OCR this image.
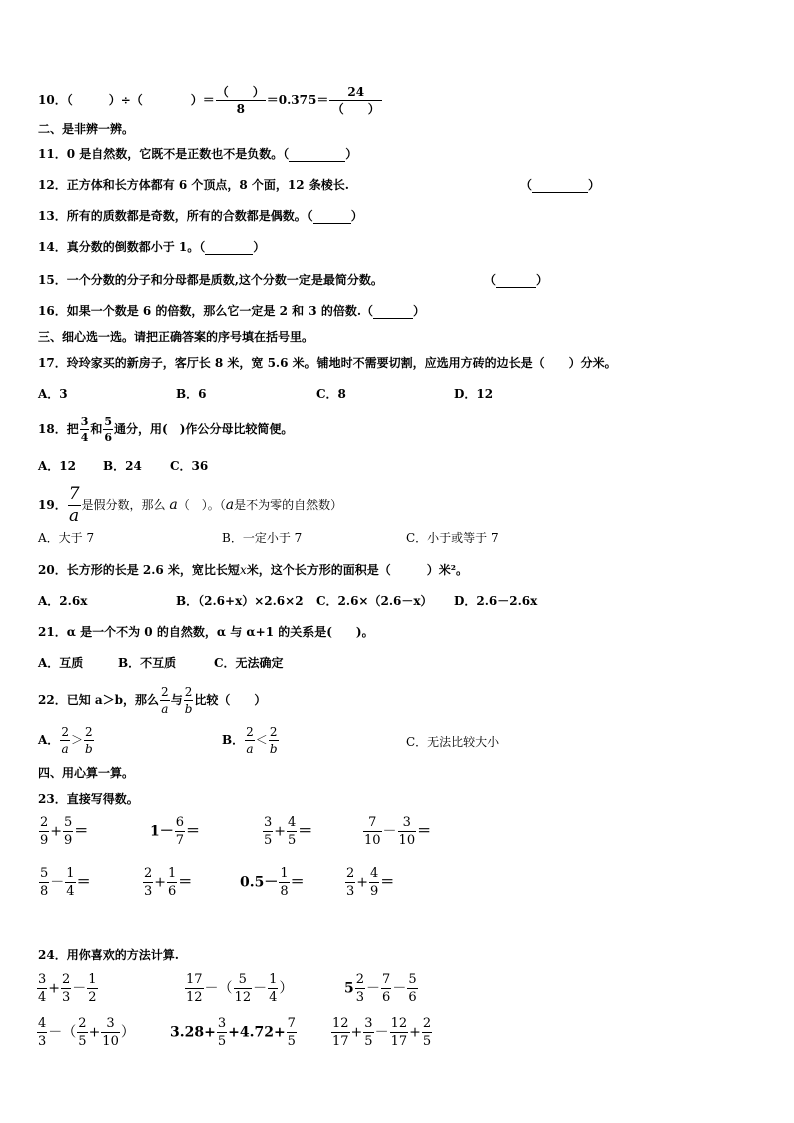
10．（　　　）÷（　　　　）＝ $\frac{( )}{8} =0.375= \frac{24}{( )}$
二、是非辨一辨。
11．0 是自然数，它既不是正数也不是负数。（	）
12．正方体和长方体都有 6 个顶点，8 个面，12 条棱长.	（	）
13．所有的质数都是奇数，所有的合数都是偶数。（	）
14．真分数的倒数都小于 1。（	）
15．一个分数的分子和分母都是质数,这个分数一定是最简分数。	（	）
16．如果一个数是 6 的倍数，那么它一定是 2 和 3 的倍数.（	）
三、细心选一选。请把正确答案的序号填在括号里。
17．玲玲家买的新房子，客厅长 8 米，宽 5.6 米。铺地时不需要切割，应选用方砖的边长是（　　）分米。
A．3	B．6	C．8	D．12
18．把 $\frac{3}{4}$ 和 $\frac{5}{6}$ 通分，用(　)作公分母比较简便。
A．12 B．24 C．36
19． $\frac{7}{a}$ 是假分数，那么 a（　）。（a是不为零的自然数）
A．大于 7	B．一定小于 7	C．小于或等于 7
20．长方形的长是 2.6 米，宽比长短x米，这个长方形的面积是（　　　）米²。
A．2.6x	B．（2.6+x）×2.6×2 C．2.6×（2.6－x） D．2.6－2.6x
21．α 是一个不为 0 的自然数，α 与 α+1 的关系是(　　)。
A．互质	B．不互质	C．无法确定
22．已知 a＞b，那么 $\frac{2}{a}$ 与 $\frac{2}{b}$ 比较（　　）
A． $\frac{2}{a} > \frac{2}{b}$	B． $\frac{2}{a} < \frac{2}{b}$	C．无法比较大小
四、用心算一算。
23．直接写得数。
$\frac{2}{9} + \frac{5}{9}$ ＝	$1- \frac{6}{7}$ ＝	$\frac{3}{5} + \frac{4}{5}$ ＝	$\frac{7}{10} - \frac{3}{10}$ ＝
$\frac{5}{8} - \frac{1}{4}$ ＝	$\frac{2}{3} + \frac{1}{6}$ ＝	$0.5- \frac{1}{8}$ ＝	$\frac{2}{3} + \frac{4}{9}$ ＝
24．用你喜欢的方法计算.
$\frac{3}{4} + \frac{2}{3} - \frac{1}{2}$	$\frac{17}{12}$ －（ $\frac{5}{12} - \frac{1}{4}$ ）	$5 \frac{2}{3} - \frac{7}{6} - \frac{5}{6}$
$\frac{4}{3}$ －（ $\frac{2}{5} + \frac{3}{10}$ ）	$3.28+ \frac{3}{5} +4.72+ \frac{7}{5}$	$\frac{12}{17} + \frac{3}{5} - \frac{12}{17} + \frac{2}{5}$
